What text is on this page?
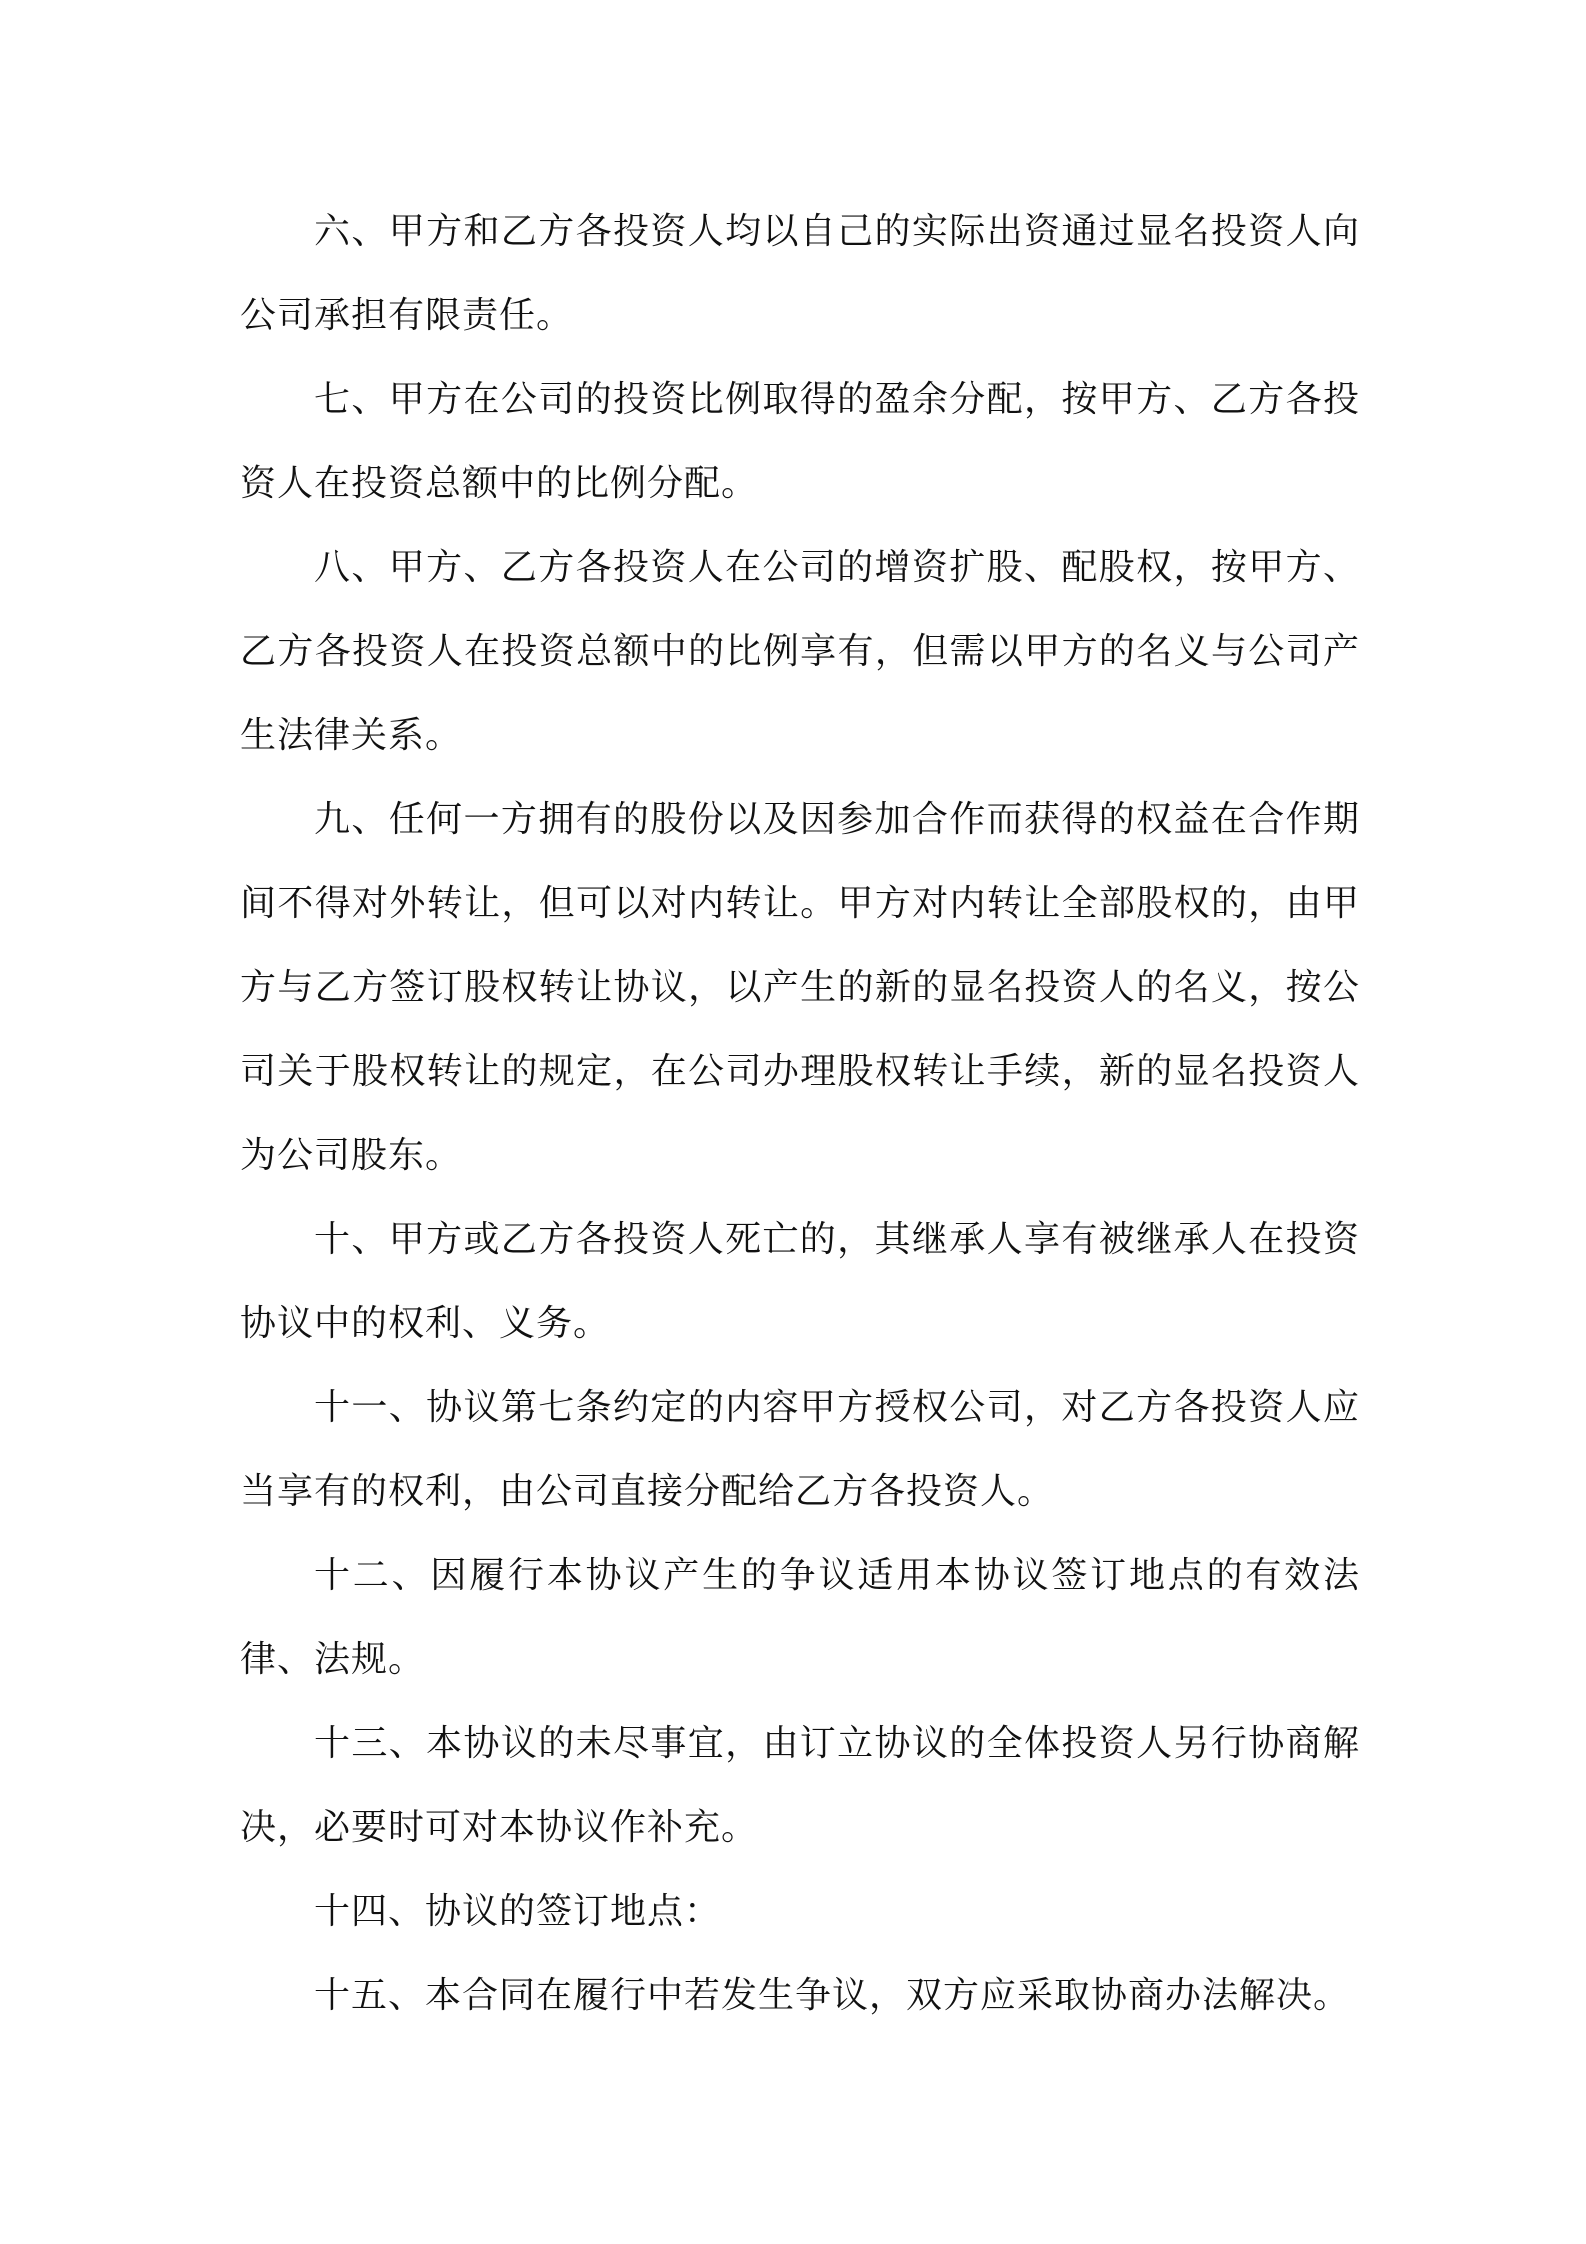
六、甲方和乙方各投资人均以自己的实际出资通过显名投资人向公司承担有限责任。

七、甲方在公司的投资比例取得的盈余分配，按甲方、乙方各投资人在投资总额中的比例分配。

八、甲方、乙方各投资人在公司的增资扩股、配股权，按甲方、乙方各投资人在投资总额中的比例享有，但需以甲方的名义与公司产生法律关系。

九、任何一方拥有的股份以及因参加合作而获得的权益在合作期间不得对外转让，但可以对内转让。甲方对内转让全部股权的，由甲方与乙方签订股权转让协议，以产生的新的显名投资人的名义，按公司关于股权转让的规定，在公司办理股权转让手续，新的显名投资人为公司股东。

十、甲方或乙方各投资人死亡的，其继承人享有被继承人在投资协议中的权利、义务。

十一、协议第七条约定的内容甲方授权公司，对乙方各投资人应当享有的权利，由公司直接分配给乙方各投资人。

十二、因履行本协议产生的争议适用本协议签订地点的有效法律、法规。

十三、本协议的未尽事宜，由订立协议的全体投资人另行协商解决，必要时可对本协议作补充。

十四、协议的签订地点：

十五、本合同在履行中若发生争议，双方应采取协商办法解决。
